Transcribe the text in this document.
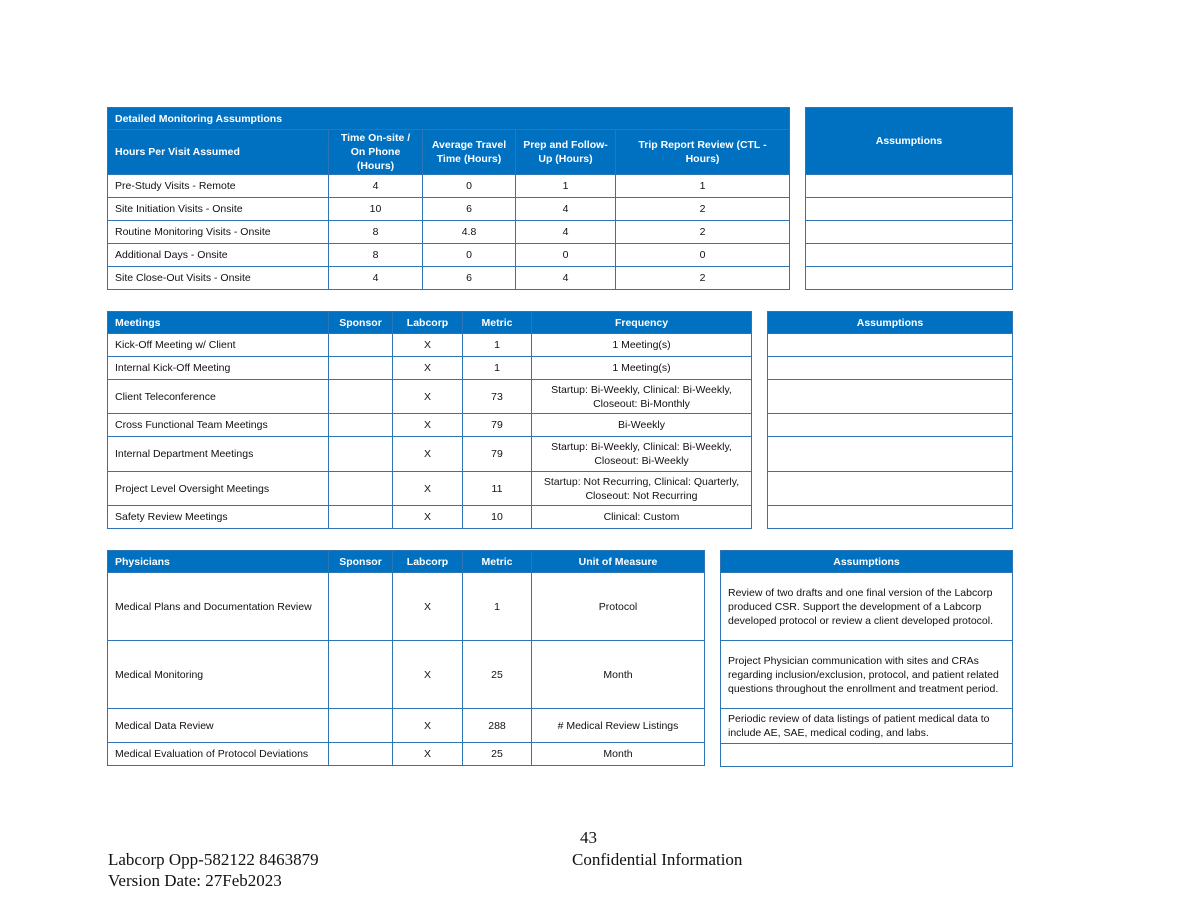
Detailed Monitoring Assumptions				
Hours Per Visit Assumed	Time On-site / On Phone (Hours)	Average Travel Time (Hours)	Prep and Follow-Up (Hours)	Trip Report Review (CTL - Hours)
Pre-Study Visits - Remote	4	0	1	1
Site Initiation Visits - Onsite	10	6	4	2
Routine Monitoring Visits - Onsite	8	4.8	4	2
Additional Days - Onsite	8	0	0	0
Site Close-Out Visits - Onsite	4	6	4	2
Assumptions

Meetings	Sponsor	Labcorp	Metric	Frequency
Kick-Off Meeting w/ Client		X	1	1 Meeting(s)
Internal Kick-Off Meeting		X	1	1 Meeting(s)
Client Teleconference		X	73	Startup: Bi-Weekly, Clinical: Bi-Weekly, Closeout: Bi-Monthly
Cross Functional Team Meetings		X	79	Bi-Weekly
Internal Department Meetings		X	79	Startup: Bi-Weekly, Clinical: Bi-Weekly, Closeout: Bi-Weekly
Project Level Oversight Meetings		X	11	Startup: Not Recurring, Clinical: Quarterly, Closeout: Not Recurring
Safety Review Meetings		X	10	Clinical: Custom
Assumptions

Physicians	Sponsor	Labcorp	Metric	Unit of Measure
Medical Plans and Documentation Review		X	1	Protocol
Medical Monitoring		X	25	Month
Medical Data Review		X	288	# Medical Review Listings
Medical Evaluation of Protocol Deviations		X	25	Month
Assumptions
Review of two drafts and one final version of the Labcorp produced CSR. Support the development of a Labcorp developed protocol or review a client developed protocol.
Project Physician communication with sites and CRAs regarding inclusion/exclusion, protocol, and patient related questions throughout the enrollment and treatment period.
Periodic review of data listings of patient medical data to include AE, SAE, medical coding, and labs.

43
Labcorp Opp-582122 8463879	Confidential Information
Version Date: 27Feb2023
